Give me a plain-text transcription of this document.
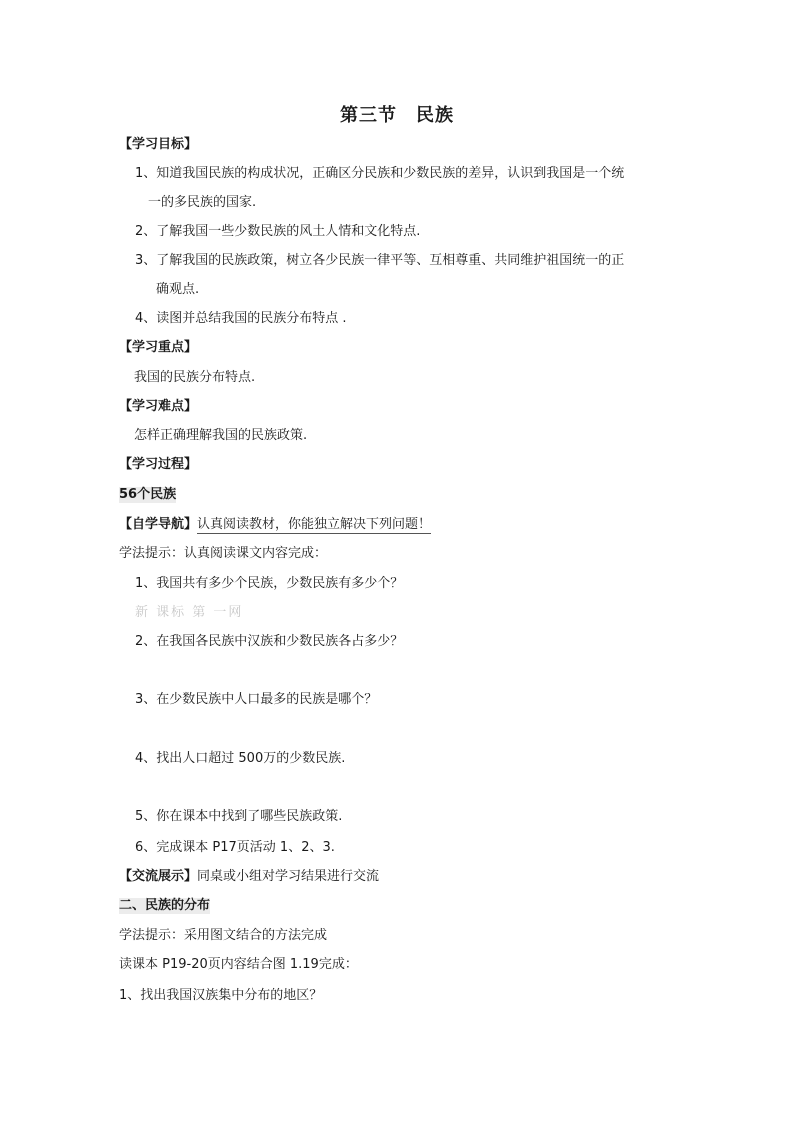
第三节　民族
【学习目标】
1、知道我国民族的构成状况，正确区分民族和少数民族的差异，认识到我国是一个统
一的多民族的国家.
2、了解我国一些少数民族的风土人情和文化特点.
3、了解我国的民族政策，树立各少民族一律平等、互相尊重、共同维护祖国统一的正
确观点.
4、读图并总结我国的民族分布特点 .
【学习重点】
我国的民族分布特点.
【学习难点】
怎样正确理解我国的民族政策.
【学习过程】
56个民族
【自学导航】认真阅读教材，你能独立解决下列问题！
学法提示：认真阅读课文内容完成：
1、我国共有多少个民族，少数民族有多少个？
新 课标 第 一网
2、在我国各民族中汉族和少数民族各占多少？
3、在少数民族中人口最多的民族是哪个？
4、找出人口超过 500万的少数民族.
5、你在课本中找到了哪些民族政策.
6、完成课本 P17页活动 1、2、3.
【交流展示】同桌或小组对学习结果进行交流
二、民族的分布
学法提示：采用图文结合的方法完成
读课本 P19-20页内容结合图 1.19完成：
1、找出我国汉族集中分布的地区？
